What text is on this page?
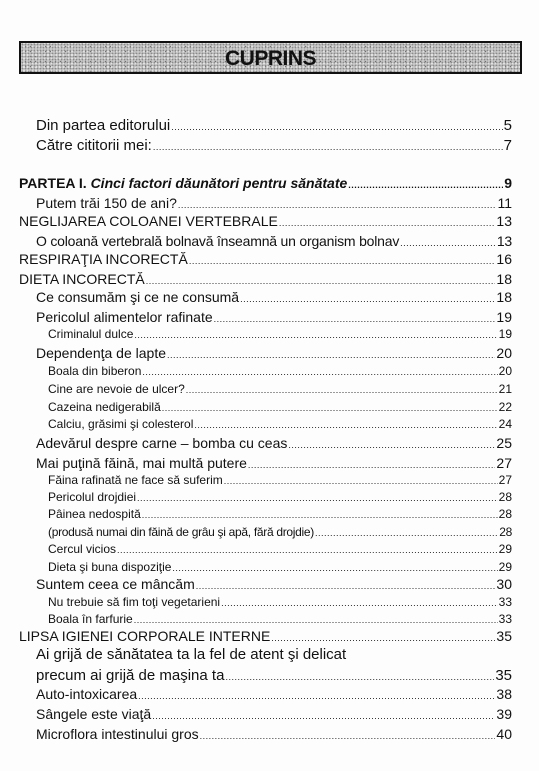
CUPRINS
Din partea editorului .....	5
Către cititorii mei: .....	7
PARTEA I. Cinci factori dăunători pentru sănătate .....	9
Putem trăi 150 de ani? .....	11
NEGLIJAREA COLOANEI VERTEBRALE .....	13
O coloană vertebrală bolnavă înseamnă un organism bolnav .....	13
RESPIRAŢIA INCORECTĂ .....	16
DIETA INCORECTĂ .....	18
Ce consumăm şi ce ne consumă .....	18
Pericolul alimentelor rafinate .....	19
Criminalul dulce .....	19
Dependenţa de lapte .....	20
Boala din biberon .....	20
Cine are nevoie de ulcer? .....	21
Cazeina nedigerabilă .....	22
Calciu, grăsimi şi colesterol .....	24
Adevărul despre carne – bomba cu ceas .....	25
Mai puţină făină, mai multă putere .....	27
Făina rafinată ne face să suferim .....	27
Pericolul drojdiei .....	28
Pâinea nedospită .....	28
(produsă numai din făină de grâu şi apă, fără drojdie) .....	28
Cercul vicios .....	29
Dieta şi buna dispoziţie .....	29
Suntem ceea ce mâncăm .....	30
Nu trebuie să fim toţi vegetarieni .....	33
Boala în farfurie .....	33
LIPSA IGIENEI CORPORALE INTERNE .....	35
Ai grijă de sănătatea ta la fel de atent şi delicat
precum ai grijă de maşina ta .....	35
Auto-intoxicarea .....	38
Sângele este viaţă .....	39
Microflora intestinului gros .....	40
